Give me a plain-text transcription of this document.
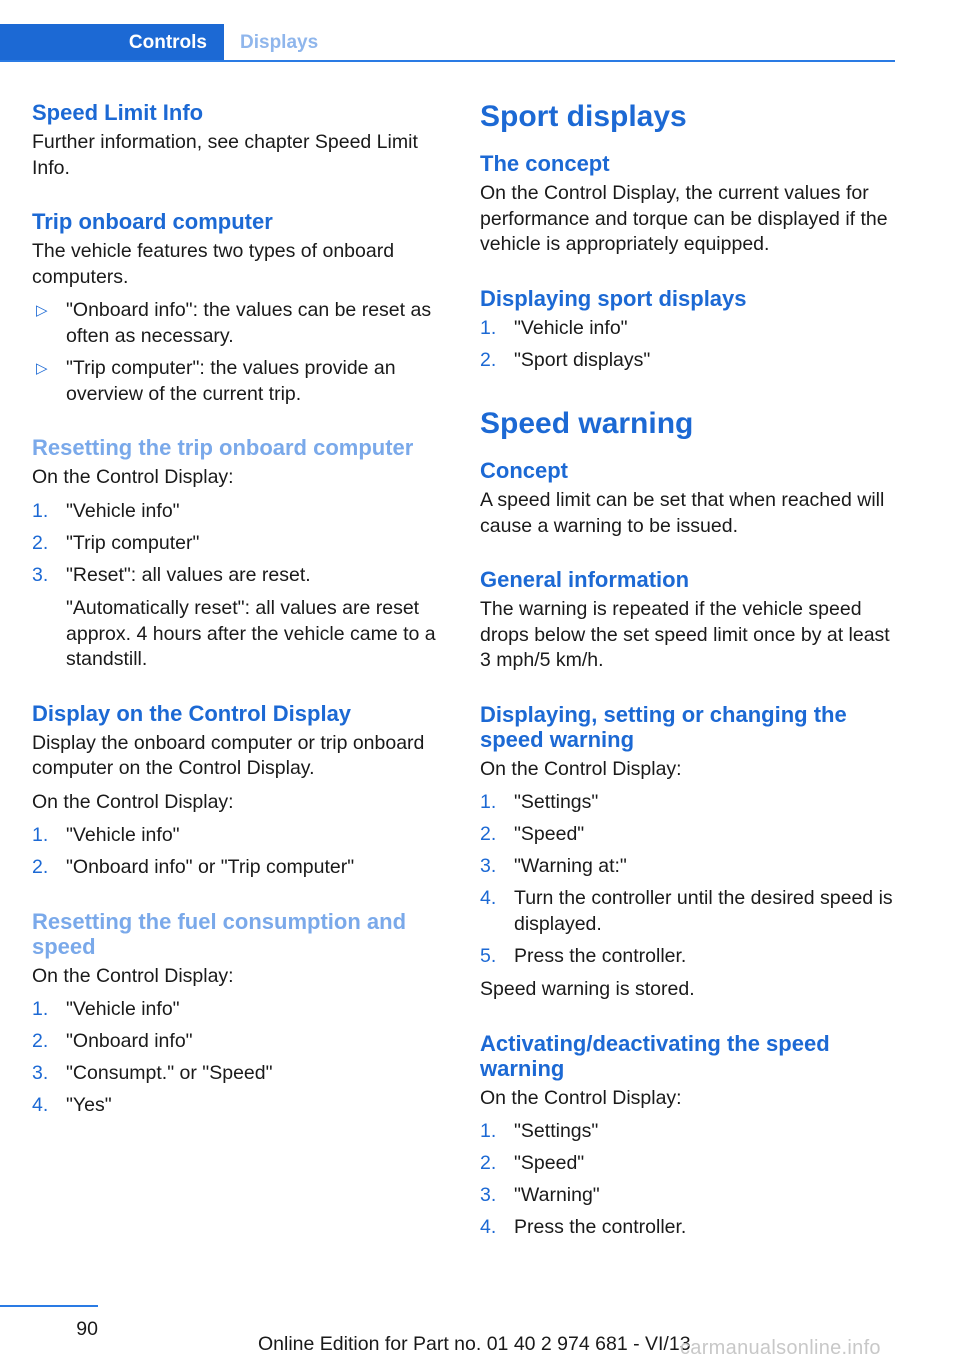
Controls Displays
Speed Limit Info
Further information, see chapter Speed Limit Info.
Trip onboard computer
The vehicle features two types of onboard computers.
▷ "Onboard info": the values can be reset as often as necessary.
▷ "Trip computer": the values provide an overview of the current trip.
Resetting the trip onboard computer
On the Control Display:
1. "Vehicle info"
2. "Trip computer"
3. "Reset": all values are reset.
"Automatically reset": all values are reset approx. 4 hours after the vehicle came to a standstill.
Display on the Control Display
Display the onboard computer or trip onboard computer on the Control Display.
On the Control Display:
1. "Vehicle info"
2. "Onboard info" or "Trip computer"
Resetting the fuel consumption and speed
On the Control Display:
1. "Vehicle info"
2. "Onboard info"
3. "Consumpt." or "Speed"
4. "Yes"
Sport displays
The concept
On the Control Display, the current values for performance and torque can be displayed if the vehicle is appropriately equipped.
Displaying sport displays
1. "Vehicle info"
2. "Sport displays"
Speed warning
Concept
A speed limit can be set that when reached will cause a warning to be issued.
General information
The warning is repeated if the vehicle speed drops below the set speed limit once by at least 3 mph/5 km/h.
Displaying, setting or changing the speed warning
On the Control Display:
1. "Settings"
2. "Speed"
3. "Warning at:"
4. Turn the controller until the desired speed is displayed.
5. Press the controller.
Speed warning is stored.
Activating/deactivating the speed warning
On the Control Display:
1. "Settings"
2. "Speed"
3. "Warning"
4. Press the controller.
90
Online Edition for Part no. 01 40 2 974 681 - VI/13
carmanualsonline.info
